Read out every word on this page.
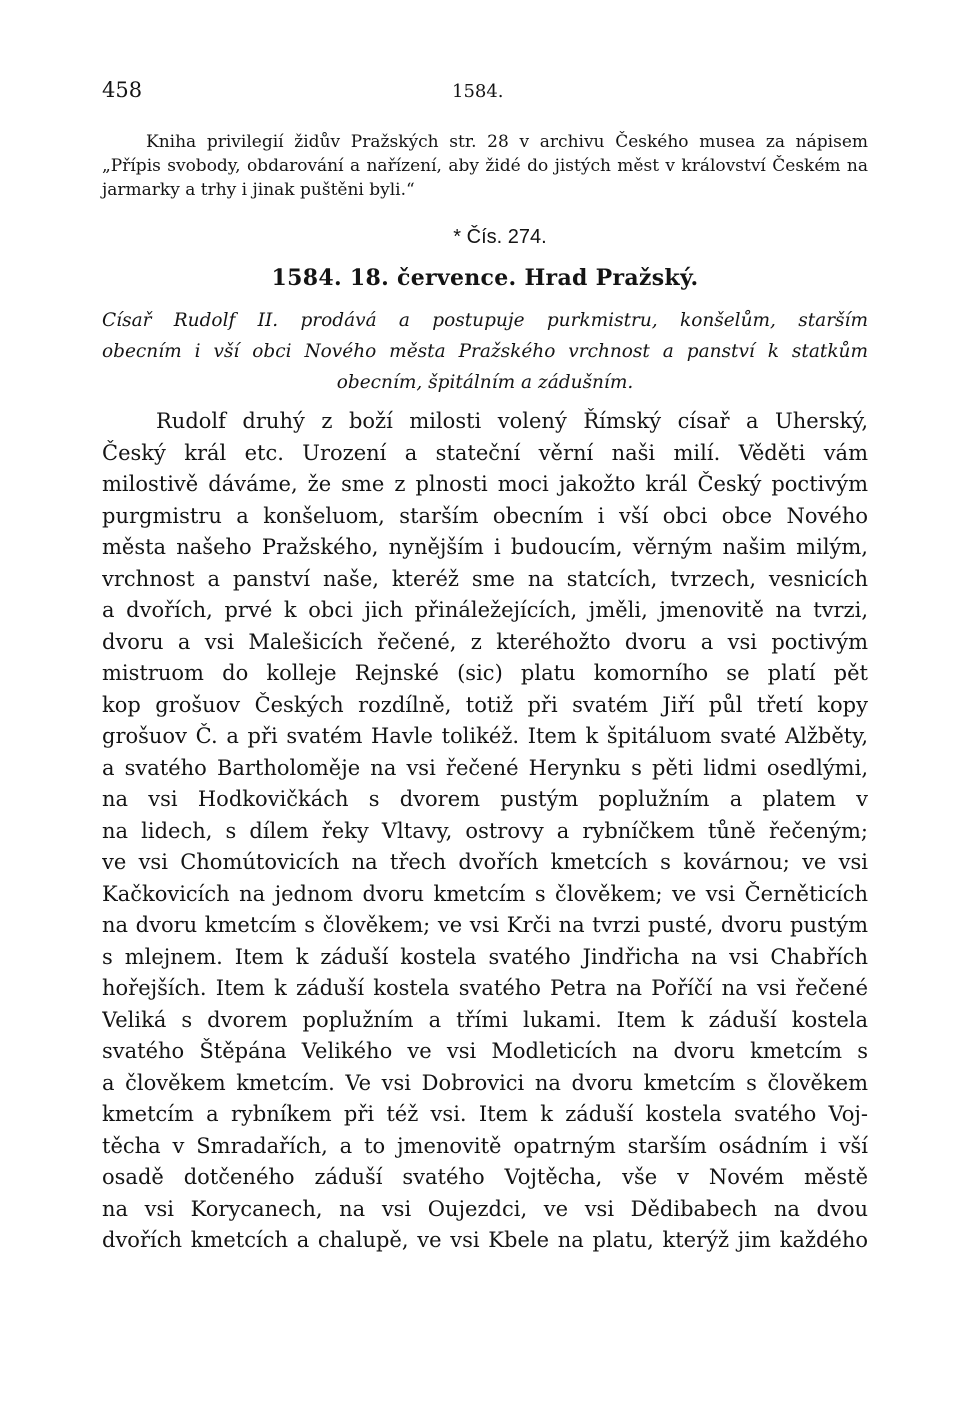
458	1584.

Kniha privilegií židův Pražských str. 28 v archivu Českého musea za nápisem „Přípis svobody, obdarování a nařízení, aby židé do jistých měst v království Českém na jarmarky a trhy i jinak puštěni byli.“

* Čís. 274.

1584. 18. července. Hrad Pražský.

Císař Rudolf II. prodává a postupuje purkmistru, konšelům, starším
obecním i vší obci Nového města Pražského vrchnost a panství k statkům
obecním, špitálním a zádušním.
Rudolf druhý z boží milosti volený Římský císař a Uherský,
Český král etc. Urození a stateční věrní naši milí. Věděti vám
milostivě dáváme, že sme z plnosti moci jakožto král Český poctivým
purgmistru a konšeluom, starším obecním i vší obci obce Nového
města našeho Pražského, nynějším i budoucím, věrným našim milým,
vrchnost a panství naše, kteréž sme na statcích, tvrzech, vesnicích
a dvořích, prvé k obci jich přináležejících, jměli, jmenovitě na tvrzi,
dvoru a vsi Malešicích řečené, z kteréhožto dvoru a vsi poctivým
mistruom do kolleje Rejnské (sic) platu komorního se platí pět
kop grošuov Českých rozdílně, totiž při svatém Jiří půl třetí kopy
grošuov Č. a při svatém Havle tolikéž. Item k špitáluom svaté Alžběty,
a svatého Bartholoměje na vsi řečené Herynku s pěti lidmi osedlými,
na vsi Hodkovičkách s dvorem pustým poplužním a platem v
na lidech, s dílem řeky Vltavy, ostrovy a rybníčkem tůně řečeným;
ve vsi Chomútovicích na třech dvořích kmetcích s kovárnou; ve vsi
Kačkovicích na jednom dvoru kmetcím s člověkem; ve vsi Černěticích
na dvoru kmetcím s člověkem; ve vsi Krči na tvrzi pusté, dvoru pustým
s mlejnem. Item k záduší kostela svatého Jindřicha na vsi Chabřích
hořejších. Item k záduší kostela svatého Petra na Poříčí na vsi řečené
Veliká s dvorem poplužním a třími lukami. Item k záduší kostela
svatého Štěpána Velikého ve vsi Modleticích na dvoru kmetcím s
a člověkem kmetcím. Ve vsi Dobrovici na dvoru kmetcím s člověkem
kmetcím a rybníkem při též vsi. Item k záduší kostela svatého Voj-
těcha v Smradařích, a to jmenovitě opatrným starším osádním i vší
osadě dotčeného záduší svatého Vojtěcha, vše v Novém městě
na vsi Korycanech, na vsi Oujezdci, ve vsi Dědibabech na dvou
dvořích kmetcích a chalupě, ve vsi Kbele na platu, kterýž jim každého
